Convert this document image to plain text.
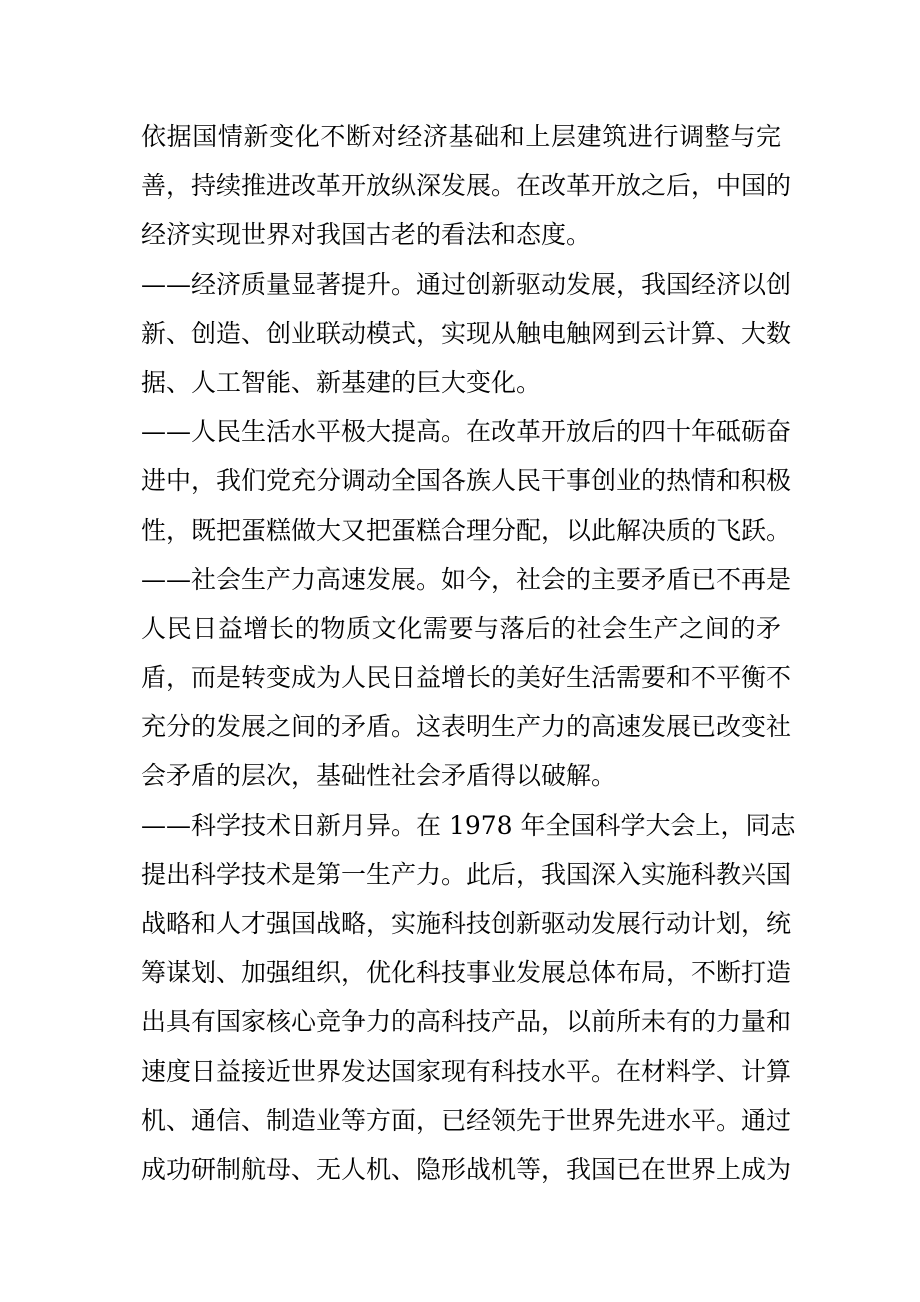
依据国情新变化不断对经济基础和上层建筑进行调整与完
善，持续推进改革开放纵深发展。在改革开放之后，中国的
经济实现世界对我国古老的看法和态度。
——经济质量显著提升。通过创新驱动发展，我国经济以创
新、创造、创业联动模式，实现从触电触网到云计算、大数
据、人工智能、新基建的巨大变化。
——人民生活水平极大提高。在改革开放后的四十年砥砺奋
进中，我们党充分调动全国各族人民干事创业的热情和积极
性，既把蛋糕做大又把蛋糕合理分配，以此解决质的飞跃。
——社会生产力高速发展。如今，社会的主要矛盾已不再是
人民日益增长的物质文化需要与落后的社会生产之间的矛
盾，而是转变成为人民日益增长的美好生活需要和不平衡不
充分的发展之间的矛盾。这表明生产力的高速发展已改变社
会矛盾的层次，基础性社会矛盾得以破解。
——科学技术日新月异。在 1978 年全国科学大会上，同志
提出科学技术是第一生产力。此后，我国深入实施科教兴国
战略和人才强国战略，实施科技创新驱动发展行动计划，统
筹谋划、加强组织，优化科技事业发展总体布局，不断打造
出具有国家核心竞争力的高科技产品，以前所未有的力量和
速度日益接近世界发达国家现有科技水平。在材料学、计算
机、通信、制造业等方面，已经领先于世界先进水平。通过
成功研制航母、无人机、隐形战机等，我国已在世界上成为
